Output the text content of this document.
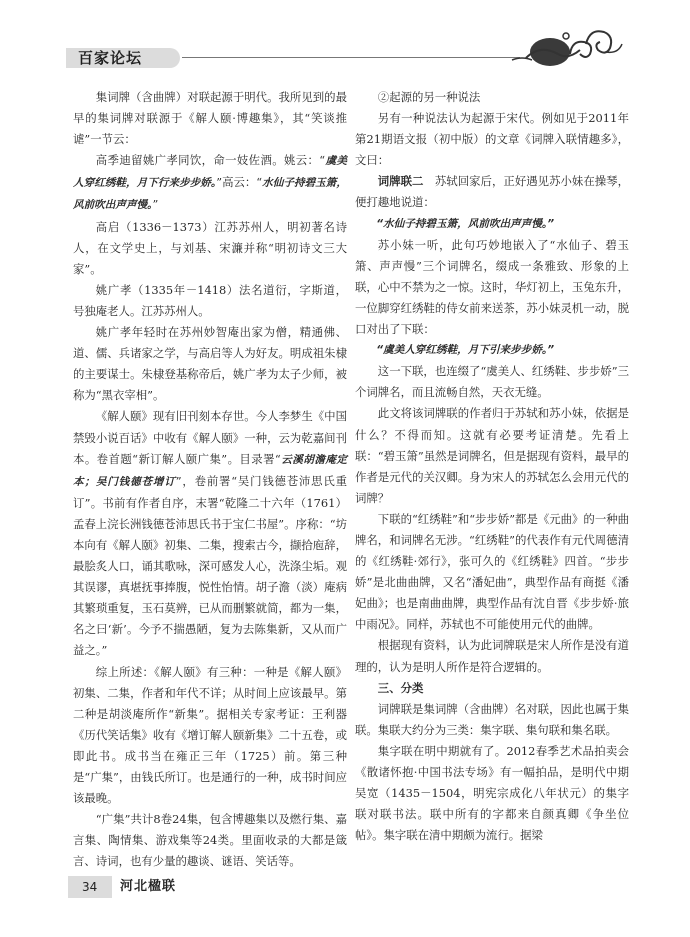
百家论坛

集词牌（含曲牌）对联起源于明代。我所见到的最早的集词牌对联源于《解人颐·博趣集》，其“笑谈推谑”一节云：

高季迪留姚广孝同饮，命一妓佐酒。姚云：“虞美人穿红绣鞋，月下行来步步娇。”高云：“水仙子持碧玉箫，风前吹出声声慢。”

高启（1336－1373）江苏苏州人，明初著名诗人，在文学史上，与刘基、宋濂并称“明初诗文三大家”。

姚广孝（1335年－1418）法名道衍，字斯道，号独庵老人。江苏苏州人。

姚广孝年轻时在苏州妙智庵出家为僧，精通佛、道、儒、兵诸家之学，与高启等人为好友。明成祖朱棣的主要谋士。朱棣登基称帝后，姚广孝为太子少师，被称为“黑衣宰相”。

《解人颐》现有旧刊刻本存世。今人李梦生《中国禁毁小说百话》中收有《解人颐》一种，云为乾嘉间刊本。卷首题“新订解人颐广集”。目录署“云溪胡澹庵定本；吴门钱德苍增订”，卷前署“吴门钱德苍沛思氏重订”。书前有作者自序，末署“乾隆二十六年（1761）孟春上浣长洲钱德苍沛思氏书于宝仁书屋”。序称：“坊本向有《解人颐》初集、二集，搜索古今，撷拾庖辞，最脍炙人口，诵其歌咏，深可感发人心，洗涤尘垢。观其误谬，真堪抚事捧腹，悦性怡情。胡子澹（淡）庵病其繁琐重复，玉石莫辨，已从而删繁就简，都为一集，名之曰‘新’。今予不揣愚陋，复为去陈集新，又从而广益之。”

综上所述：《解人颐》有三种：一种是《解人颐》初集、二集，作者和年代不详；从时间上应该最早。第二种是胡淡庵所作“新集”。据相关专家考证：王利器《历代笑话集》收有《增订解人颐新集》二十五卷，或即此书。成书当在雍正三年（1725）前。第三种是“广集”，由钱氏所订。也是通行的一种，成书时间应该最晚。

“广集”共计8卷24集，包含博趣集以及燃行集、嘉言集、陶情集、游戏集等24类。里面收录的大都是箴言、诗词，也有少量的趣谈、谜语、笑话等。

②起源的另一种说法

另有一种说法认为起源于宋代。例如见于2011年第21期语文报（初中版）的文章《词牌入联情趣多》，文曰：

词牌联二　 苏轼回家后，正好遇见苏小妹在操琴，便打趣地说道：

“水仙子持碧玉箫，风前吹出声声慢。”

苏小妹一听，此句巧妙地嵌入了“水仙子、碧玉箫、声声慢”三个词牌名，缀成一条雅致、形象的上联，心中不禁为之一惊。这时，华灯初上，玉兔东升，一位脚穿红绣鞋的侍女前来送茶，苏小妹灵机一动，脱口对出了下联：

“虞美人穿红绣鞋，月下引来步步娇。”

这一下联，也连缀了“虞美人、红绣鞋、步步娇”三个词牌名，而且流畅自然，天衣无缝。

此文将该词牌联的作者归于苏轼和苏小妹，依据是什么？不得而知。这就有必要考证清楚。先看上联：“碧玉箫”虽然是词牌名，但是据现有资料，最早的作者是元代的关汉卿。身为宋人的苏轼怎么会用元代的词牌？

下联的“红绣鞋”和“步步娇”都是《元曲》的一种曲牌名，和词牌名无涉。“红绣鞋”的代表作有元代周德清的《红绣鞋·郊行》，张可久的《红绣鞋》四首。“步步娇”是北曲曲牌，又名“潘妃曲”，典型作品有商挺《潘妃曲》；也是南曲曲牌，典型作品有沈自晋《步步娇·旅中雨况》。同样，苏轼也不可能使用元代的曲牌。

根据现有资料，认为此词牌联是宋人所作是没有道理的，认为是明人所作是符合逻辑的。

三、分类

词牌联是集词牌（含曲牌）名对联，因此也属于集联。集联大约分为三类：集字联、集句联和集名联。

集字联在明中期就有了。2012春季艺术品拍卖会《散诸怀抱·中国书法专场》有一幅拍品，是明代中期吴宽（1435－1504，明宪宗成化八年状元）的集字联对联书法。联中所有的字都来自颜真卿《争坐位帖》。集字联在清中期颇为流行。据梁

34 河北楹联
